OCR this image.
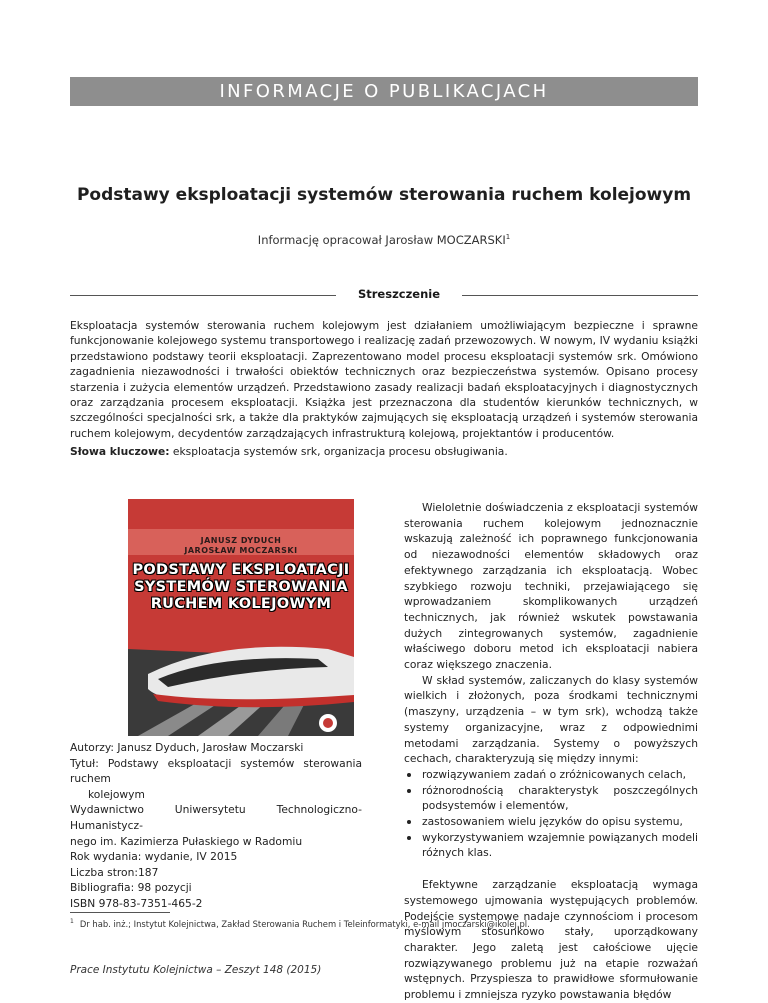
INFORMACJE O PUBLIKACJACH
Podstawy eksploatacji systemów sterowania ruchem kolejowym
Informację opracował Jarosław MOCZARSKI$^1$
Streszczenie
Eksploatacja systemów sterowania ruchem kolejowym jest działaniem umożliwiającym bezpieczne i sprawne funkcjonowanie kolejowego systemu transportowego i realizację zadań przewozowych. W nowym, IV wydaniu książki przedstawiono podstawy teorii eksploatacji. Zaprezentowano model procesu eksploatacji systemów srk. Omówiono zagadnienia niezawodności i trwałości obiektów technicznych oraz bezpieczeństwa systemów. Opisano procesy starzenia i zużycia elementów urządzeń. Przedstawiono zasady realizacji badań eksploatacyjnych i diagnostycznych oraz zarządzania procesem eksploatacji. Książka jest przeznaczona dla studentów kierunków technicznych, w szczególności specjalności srk, a także dla praktyków zajmujących się eksploatacją urządzeń i systemów sterowania ruchem kolejowym, decydentów zarządzających infrastrukturą kolejową, projektantów i producentów.
Słowa kluczowe: eksploatacja systemów srk, organizacja procesu obsługiwania.
JANUSZ DYDUCH
JAROSŁAW MOCZARSKI
PODSTAWY EKSPLOATACJI
SYSTEMÓW STEROWANIA
RUCHEM KOLEJOWYM
Autorzy: Janusz Dyduch, Jarosław Moczarski
Tytuł: Podstawy eksploatacji systemów sterowania ruchem
kolejowym
Wydawnictwo Uniwersytetu Technologiczno-Humanistycz-
nego im. Kazimierza Pułaskiego w Radomiu
Rok wydania: wydanie, IV 2015
Liczba stron:187
Bibliografia: 98 pozycji
ISBN 978-83-7351-465-2

Wieloletnie doświadczenia z eksploatacji systemów sterowania ruchem kolejowym jednoznacznie wskazują zależność ich poprawnego funkcjonowania od niezawodności elementów składowych oraz efektywnego zarządzania ich eksploatacją. Wobec szybkiego rozwoju techniki, przejawiającego się wprowadzaniem skomplikowanych urządzeń technicznych, jak również wskutek powstawania dużych zintegrowanych systemów, zagadnienie właściwego doboru metod ich eksploatacji nabiera coraz większego znaczenia.

W skład systemów, zaliczanych do klasy systemów wielkich i złożonych, poza środkami technicznymi (maszyny, urządzenia – w tym srk), wchodzą także systemy organizacyjne, wraz z odpowiednimi metodami zarządzania. Systemy o powyższych cechach, charakteryzują się między innymi:

rozwiązywaniem zadań o zróżnicowanych celach,
różnorodnością charakterystyk poszczególnych podsystemów i elementów,
zastosowaniem wielu języków do opisu systemu,
wykorzystywaniem wzajemnie powiązanych modeli różnych klas.

Efektywne zarządzanie eksploatacją wymaga systemowego ujmowania występujących problemów. Podejście systemowe nadaje czynnościom i procesom myślowym stosunkowo stały, uporządkowany charakter. Jego zaletą jest całościowe ujęcie rozwiązywanego problemu już na etapie rozważań wstępnych. Przyspiesza to prawidłowe sformułowanie problemu i zmniejsza ryzyko powstawania błędów

$^1$ Dr hab. inż.; Instytut Kolejnictwa, Zakład Sterowania Ruchem i Teleinformatyki, e-mail jmoczarski@ikolej.pl.
Prace Instytutu Kolejnictwa – Zeszyt 148 (2015)
